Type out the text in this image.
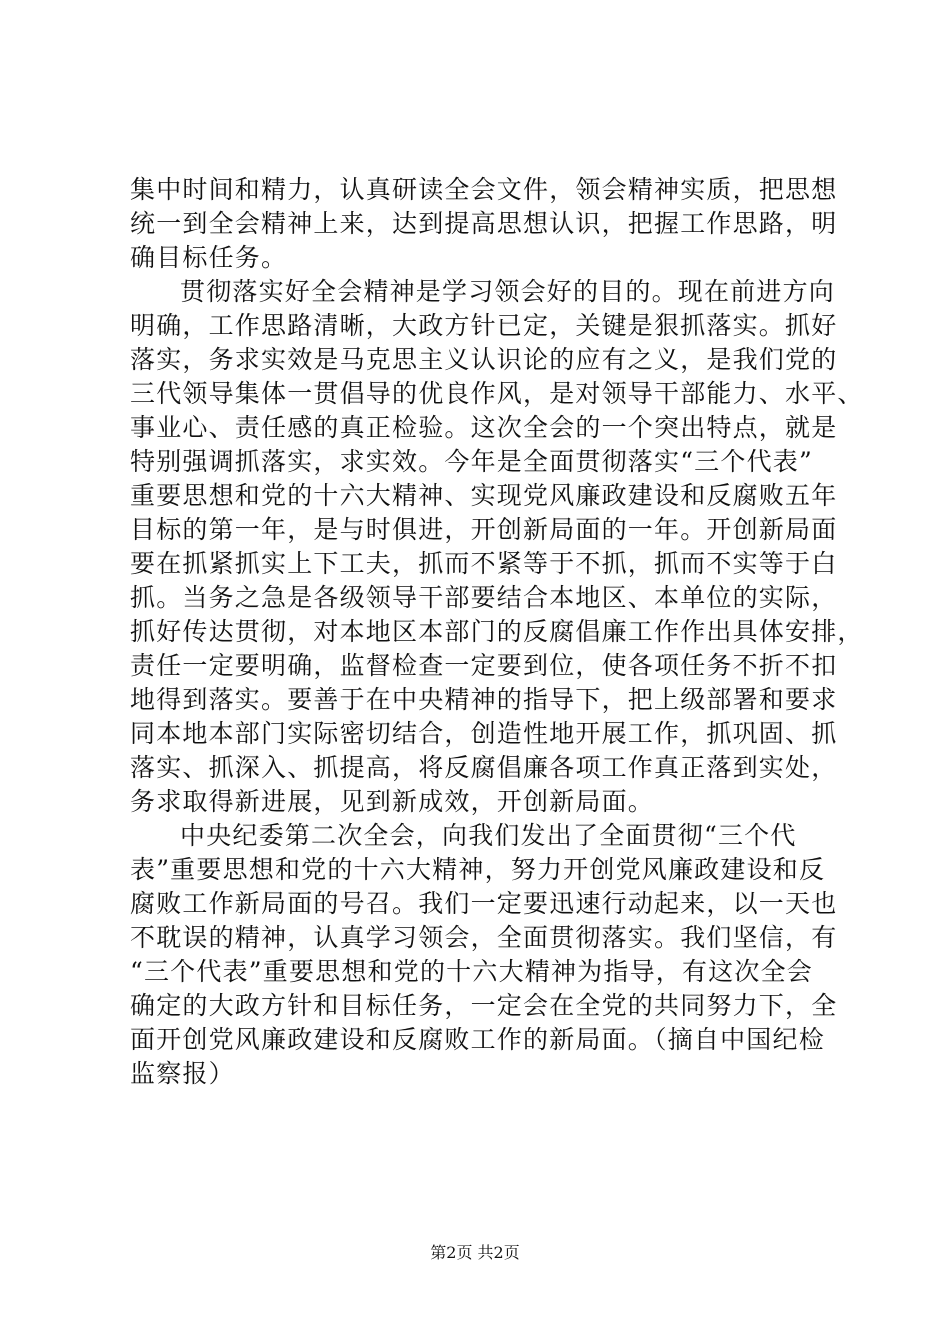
集中时间和精力，认真研读全会文件，领会精神实质，把思想
统一到全会精神上来，达到提高思想认识，把握工作思路，明
确目标任务。
贯彻落实好全会精神是学习领会好的目的。现在前进方向
明确，工作思路清晰，大政方针已定，关键是狠抓落实。抓好
落实，务求实效是马克思主义认识论的应有之义，是我们党的
三代领导集体一贯倡导的优良作风，是对领导干部能力、水平、
事业心、责任感的真正检验。这次全会的一个突出特点，就是
特别强调抓落实，求实效。今年是全面贯彻落实“三个代表”
重要思想和党的十六大精神、实现党风廉政建设和反腐败五年
目标的第一年，是与时俱进，开创新局面的一年。开创新局面
要在抓紧抓实上下工夫，抓而不紧等于不抓，抓而不实等于白
抓。当务之急是各级领导干部要结合本地区、本单位的实际，
抓好传达贯彻，对本地区本部门的反腐倡廉工作作出具体安排，
责任一定要明确，监督检查一定要到位，使各项任务不折不扣
地得到落实。要善于在中央精神的指导下，把上级部署和要求
同本地本部门实际密切结合，创造性地开展工作，抓巩固、抓
落实、抓深入、抓提高，将反腐倡廉各项工作真正落到实处，
务求取得新进展，见到新成效，开创新局面。
中央纪委第二次全会，向我们发出了全面贯彻“三个代
表”重要思想和党的十六大精神，努力开创党风廉政建设和反
腐败工作新局面的号召。我们一定要迅速行动起来，以一天也
不耽误的精神，认真学习领会，全面贯彻落实。我们坚信，有
“三个代表”重要思想和党的十六大精神为指导，有这次全会
确定的大政方针和目标任务，一定会在全党的共同努力下，全
面开创党风廉政建设和反腐败工作的新局面。（摘自中国纪检
监察报）
第2页 共2页
